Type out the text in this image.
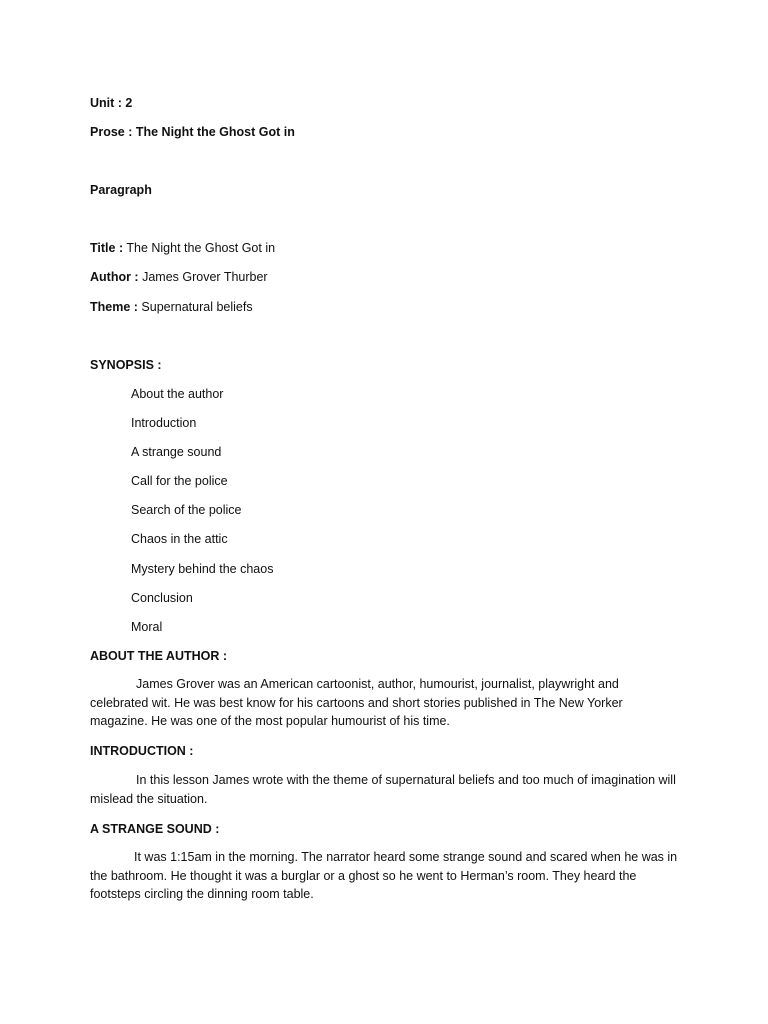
Unit : 2
Prose : The Night the Ghost Got in
Paragraph
Title : The Night the Ghost Got in
Author : James Grover Thurber
Theme : Supernatural beliefs
SYNOPSIS :
About the author
Introduction
A strange sound
Call for the police
Search of the police
Chaos in the attic
Mystery behind the chaos
Conclusion
Moral
ABOUT THE AUTHOR :
James Grover was an American cartoonist, author, humourist, journalist, playwright and celebrated wit. He was best know for his cartoons and short stories published in The New Yorker magazine. He was one of the most popular humourist of his time.
INTRODUCTION :
In this lesson James wrote with the theme of supernatural beliefs and too much of imagination will mislead the situation.
A STRANGE SOUND :
It was 1:15am in the morning. The narrator heard some strange sound and scared when he was in the bathroom. He thought it was a burglar or a ghost so he went to Herman’s room. They heard the footsteps circling the dinning room table.
